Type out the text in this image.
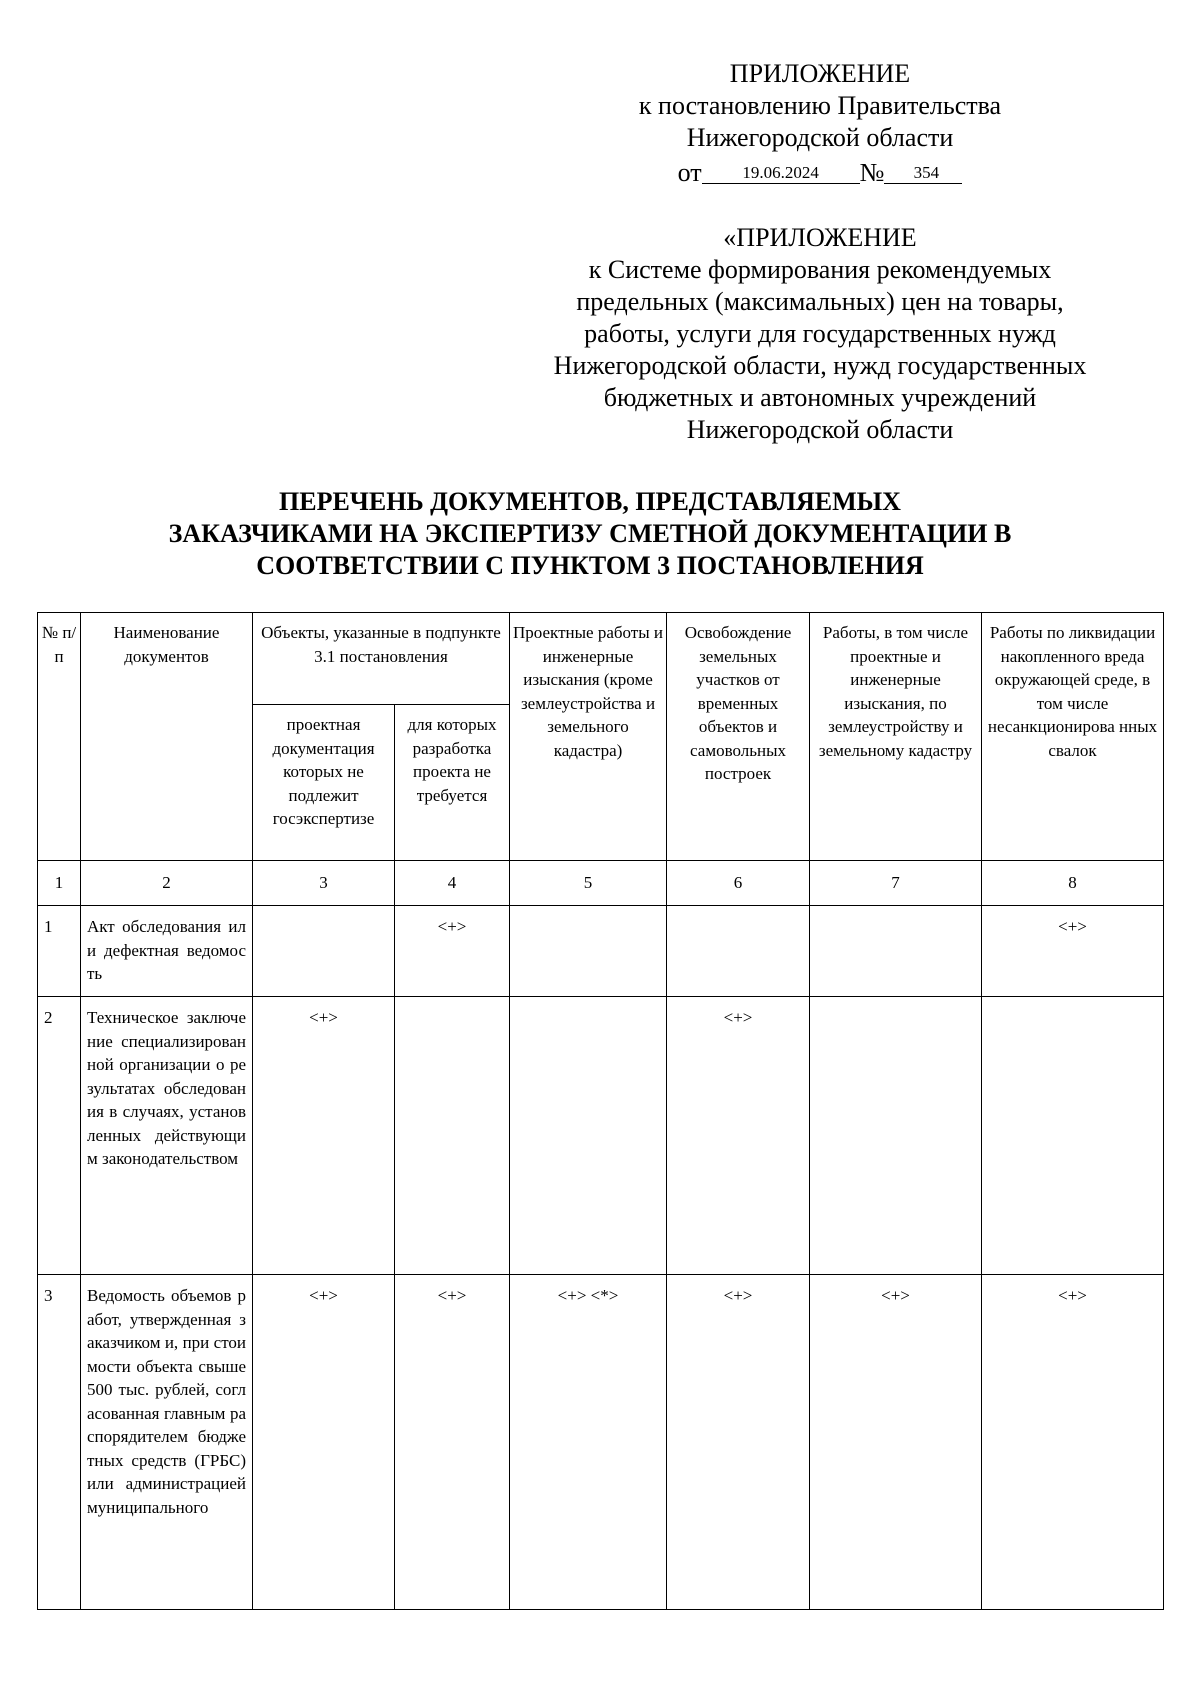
ПРИЛОЖЕНИЕ
к постановлению Правительства
Нижегородской области
от 19.06.2024 № 354
«ПРИЛОЖЕНИЕ
к Системе формирования рекомендуемых
предельных (максимальных) цен на товары,
работы, услуги для государственных нужд
Нижегородской области, нужд государственных
бюджетных и автономных учреждений
Нижегородской области
ПЕРЕЧЕНЬ ДОКУМЕНТОВ, ПРЕДСТАВЛЯЕМЫХ
ЗАКАЗЧИКАМИ НА ЭКСПЕРТИЗУ СМЕТНОЙ ДОКУМЕНТАЦИИ В
СООТВЕТСТВИИ С ПУНКТОМ 3 ПОСТАНОВЛЕНИЯ
№ п/п	Наименование документов	Объекты, указанные в подпункте 3.1 постановления		Проектные работы и инженерные изыскания (кроме землеустройства и земельного кадастра)	Освобождение земельных участков от временных объектов и самовольных построек	Работы, в том числе проектные и инженерные изыскания, по землеустройству и земельному кадастру	Работы по ликвидации накопленного вреда окружающей среде, в том числе несанкционирова нных свалок
		проектная документация которых не подлежит госэкспертизе	для которых разработка проекта не требуется				
1	2	3	4	5	6	7	8
1	Акт обследования или дефектная ведомость		<+>				<+>
2	Техническое заключение специализированной организации о результатах обследования в случаях, установленных действующим законодательством	<+>			<+>		
3	Ведомость объемов работ, утвержденная заказчиком и, при стоимости объекта свыше 500 тыс. рублей, согласованная главным распорядителем бюджетных средств (ГРБС) или администрацией муниципального	<+>	<+>	<+> <*>	<+>	<+>	<+>
